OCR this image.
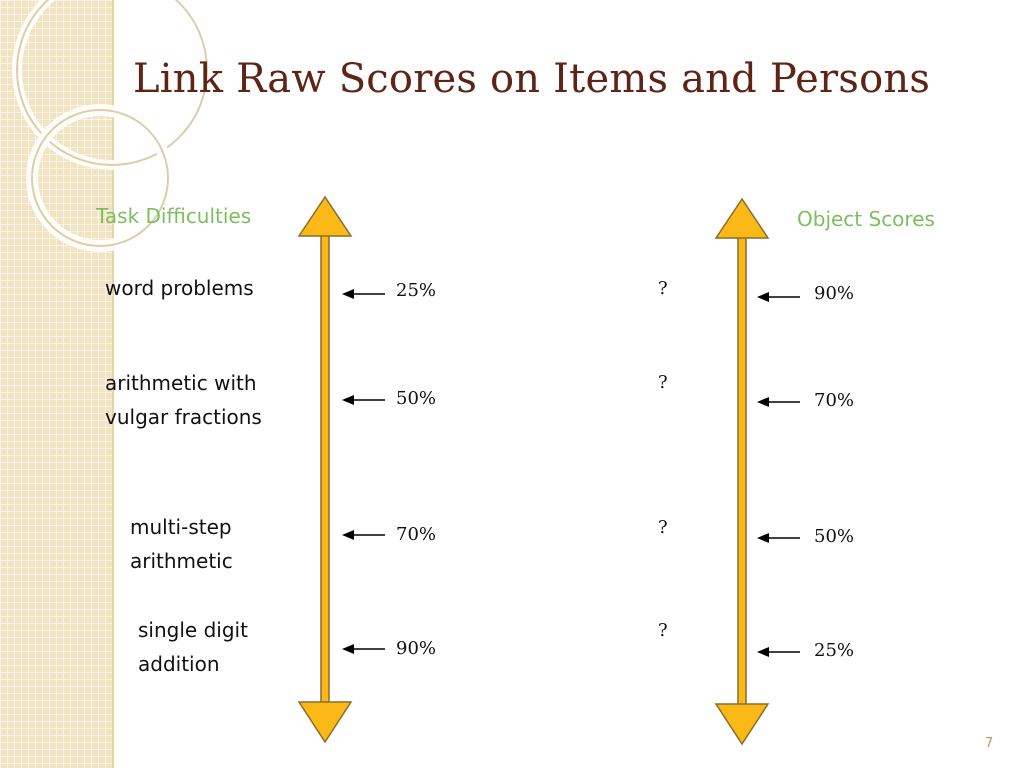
Link Raw Scores on Items and Persons
Task Difficulties	Object Scores
word problems
arithmetic with
vulgar fractions
multi-step
arithmetic
single digit
addition
25%
50%
70%
90%
?
?
?
?
90%
70%
50%
25%
7
